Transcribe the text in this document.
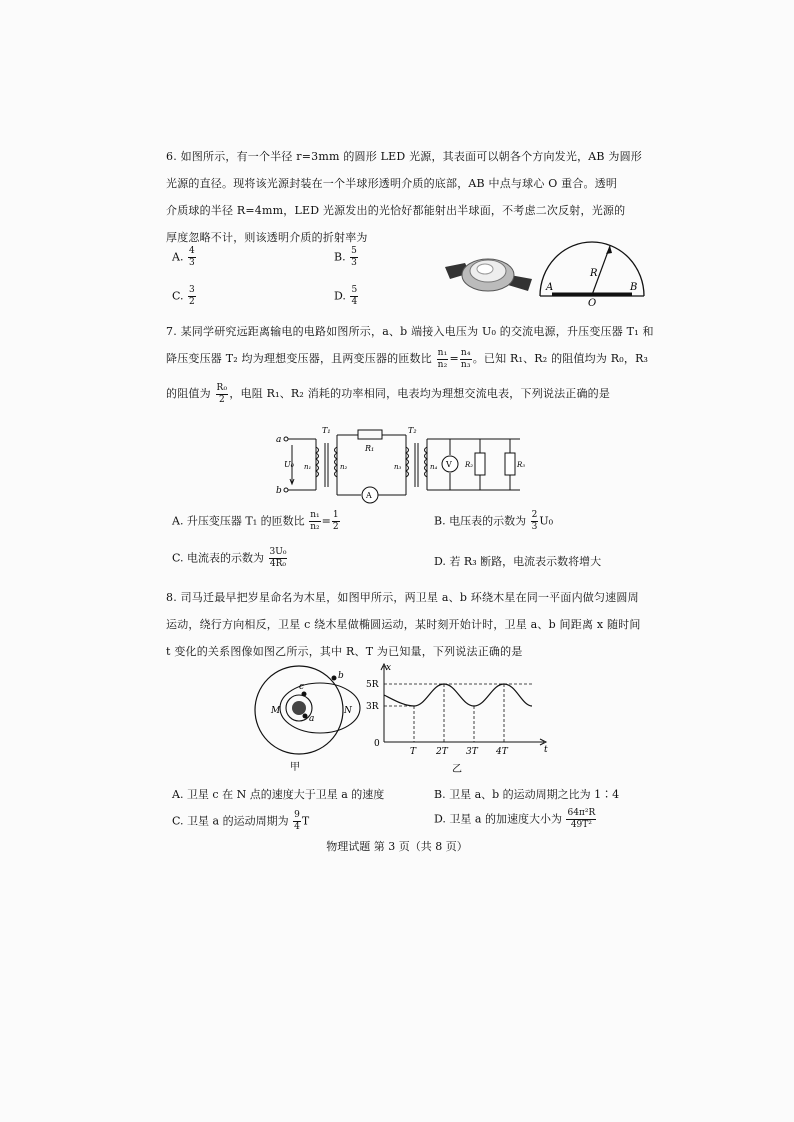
6. 如图所示，有一个半径 r=3mm 的圆形 LED 光源，其表面可以朝各个方向发光，AB 为圆形
光源的直径。现将该光源封装在一个半球形透明介质的底部，AB 中点与球心 O 重合。透明
介质球的半径 R=4mm，LED 光源发出的光恰好都能射出半球面，不考虑二次反射，光源的
厚度忽略不计，则该透明介质的折射率为
A. $\frac{4}{3}$	B. $\frac{5}{3}$
C. $\frac{3}{2}$	D. $\frac{5}{4}$
R
A	B
O
7. 某同学研究远距离输电的电路如图所示，a、b 端接入电压为 U₀ 的交流电源，升压变压器 T₁ 和
降压变压器 T₂ 均为理想变压器，且两变压器的匝数比 $\frac{\text{n₁}}{\text{n₂}} = \frac{\text{n₄}}{\text{n₃}}$ 。已知 R₁、R₂ 的阻值均为 R₀，R₃
的阻值为 $\frac{\text{R₀}}{2}$ ，电阻 R₁、R₂ 消耗的功率相同，电表均为理想交流电表，下列说法正确的是
a
b
U₀
T₁	T₂
R₁
n₁	n₂	n₃	n₄
A
V R₂	R₃
A. 升压变压器 T₁ 的匝数比 $\frac{\text{n₁}}{\text{n₂}} = \frac{1}{2}$	B. 电压表的示数为 $\frac{2}{3} U_0$
C. 电流表的示数为 $\frac{\text{3U₀}}{\text{4R₀}}$	D. 若 R₃ 断路，电流表示数将增大
8. 司马迁最早把岁星命名为木星，如图甲所示，两卫星 a、b 环绕木星在同一平面内做匀速圆周
运动，绕行方向相反，卫星 c 绕木星做椭圆运动，某时刻开始计时，卫星 a、b 间距离 x 随时间
t 变化的关系图像如图乙所示，其中 R、T 为已知量，下列说法正确的是
M	N
a
b
c
甲
x
t
5R
3R
0
T 2T 3T 4T
乙
A. 卫星 c 在 N 点的速度大于卫星 a 的速度	B. 卫星 a、b 的运动周期之比为 1∶4
C. 卫星 a 的运动周期为 $\frac{9}{4}$ T	D. 卫星 a 的加速度大小为 $\frac{\text{64π²R}}{\text{49T²}}$
物理试题 第 3 页（共 8 页）
